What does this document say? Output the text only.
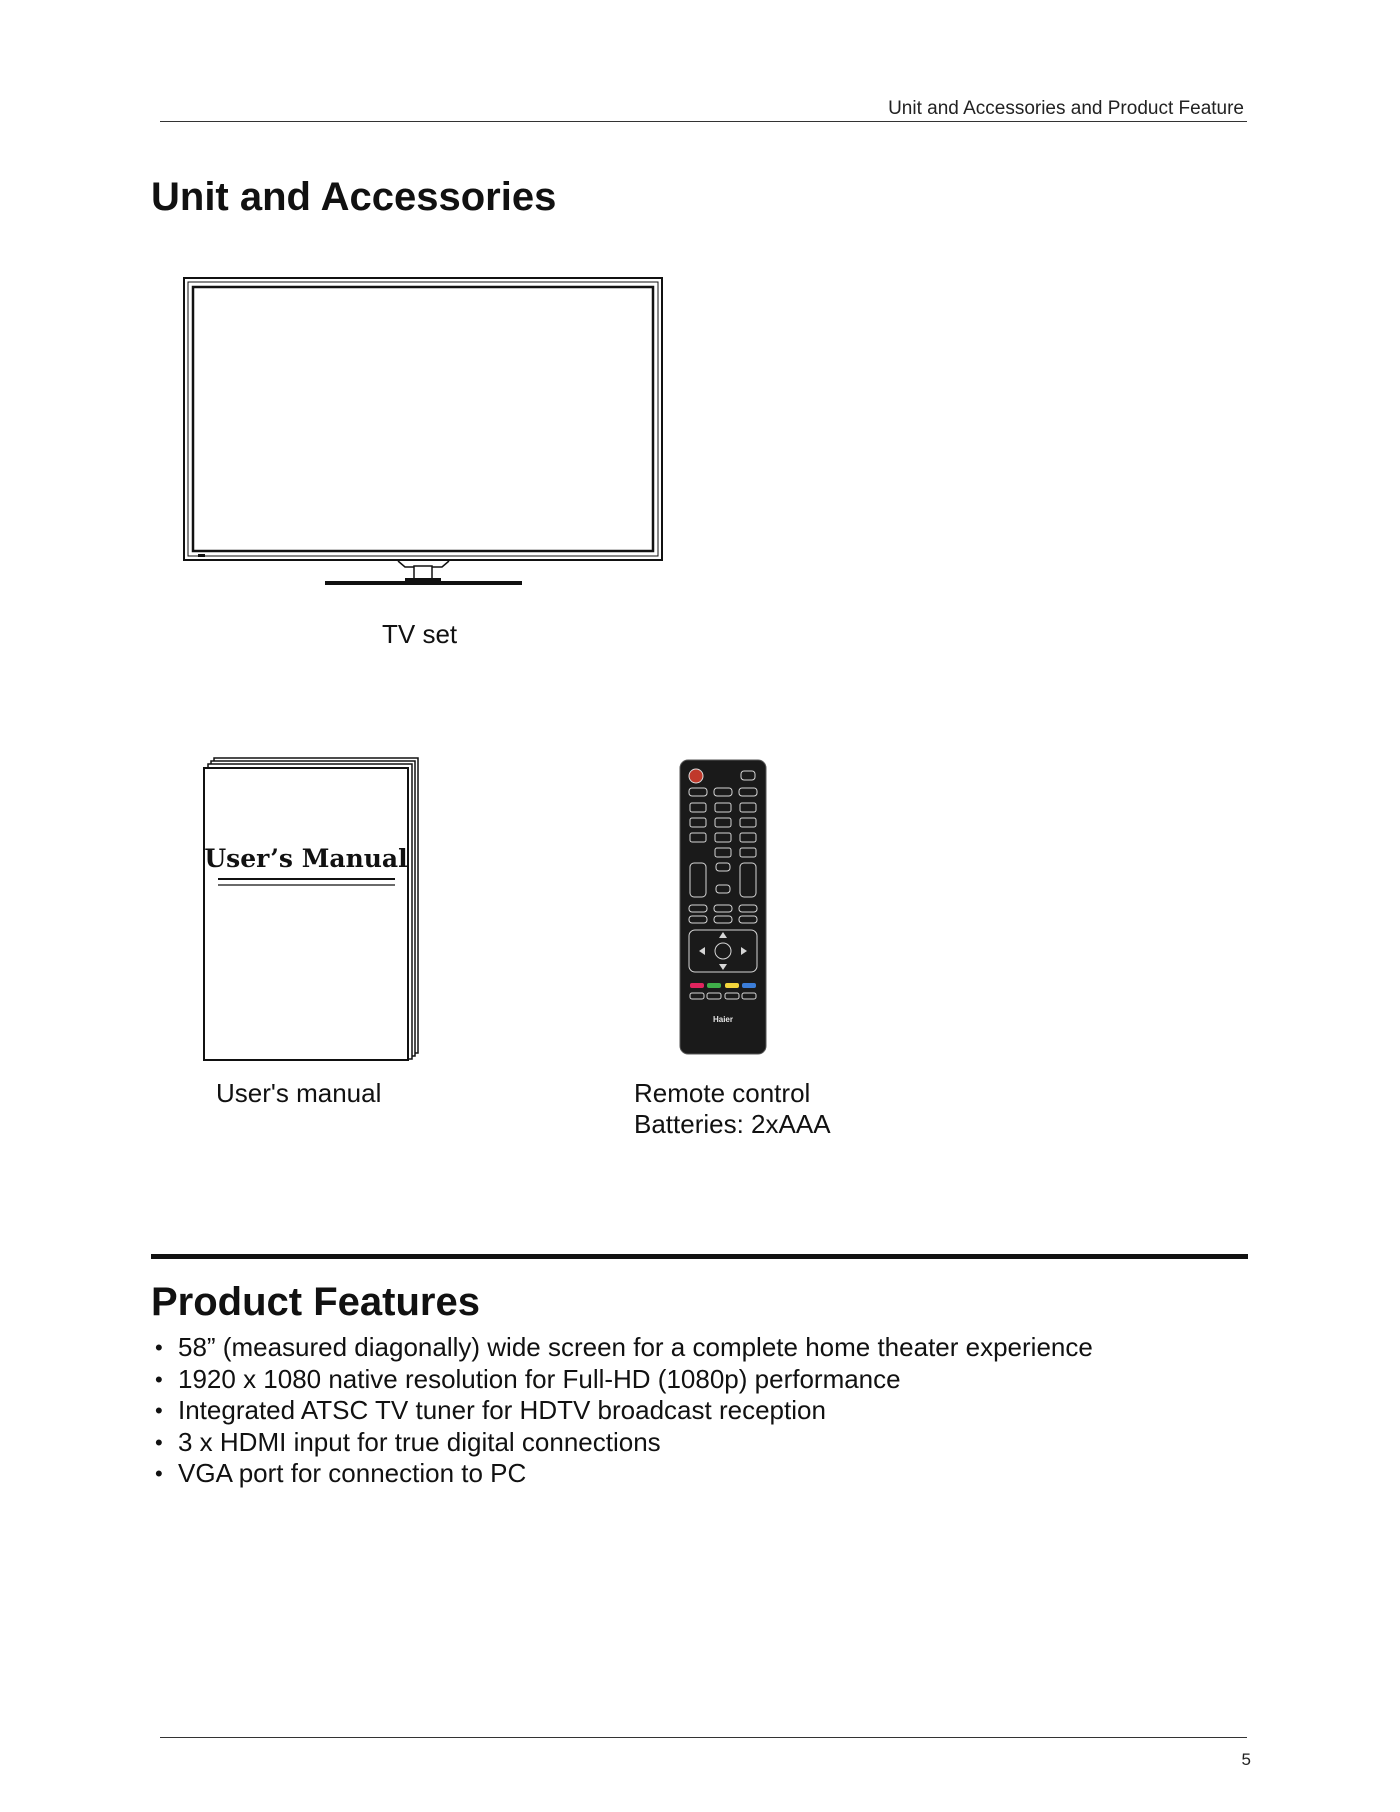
Unit and Accessories and Product Feature
Unit and Accessories
TV set
User’s Manual
User's manual
Haier
Remote control
Batteries: 2xAAA
Product Features
• 58” (measured diagonally) wide screen for a complete home theater experience
• 1920 x 1080 native resolution for Full-HD (1080p) performance
• Integrated ATSC TV tuner for HDTV broadcast reception
• 3 x HDMI input for true digital connections
• VGA port for connection to PC
5
